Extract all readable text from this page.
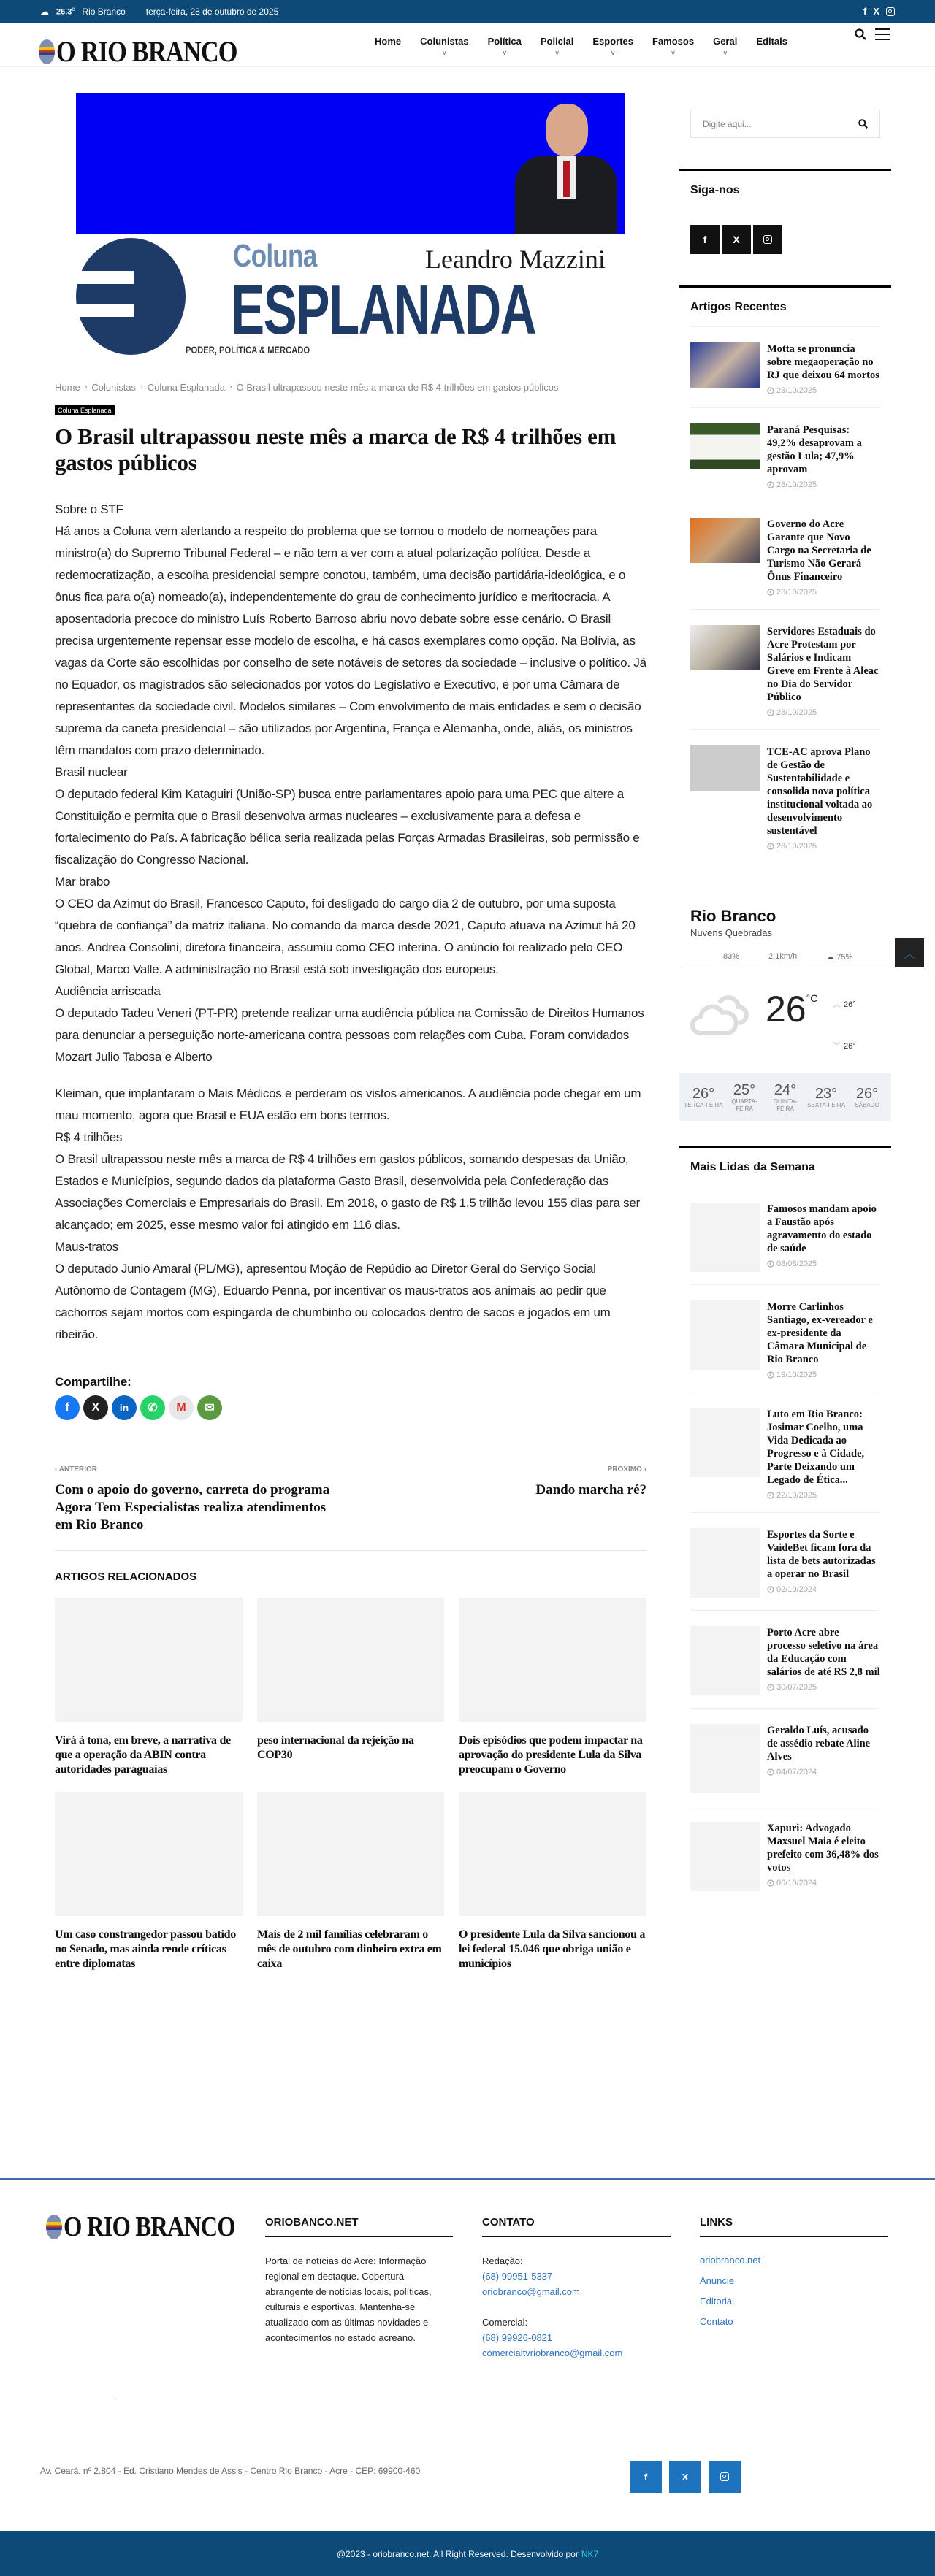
☁ 26.3$^c$ Rio Branco terça-feira, 28 de outubro de 2025	f X
O RIO BRANCO	Home	Colunistas
v
Política
v
Policial
v
Esportes
v
Famosos
v
Geral
v
Editais
Coluna	Leandro Mazzini
ESPLANADA
PODER, POLÍTICA & MERCADO
Home › Colunistas › Coluna Esplanada › O Brasil ultrapassou neste mês a marca de R$ 4 trilhões em gastos públicos
Coluna Esplanada
O Brasil ultrapassou neste mês a marca de R$ 4 trilhões em gastos públicos

Sobre o STF

Há anos a Coluna vem alertando a respeito do problema que se tornou o modelo de nomeações para ministro(a) do Supremo Tribunal Federal – e não tem a ver com a atual polarização política. Desde a redemocratização, a escolha presidencial sempre conotou, também, uma decisão partidária-ideológica, e o ônus fica para o(a) nomeado(a), independentemente do grau de conhecimento jurídico e meritocracia. A aposentadoria precoce do ministro Luís Roberto Barroso abriu novo debate sobre esse cenário. O Brasil precisa urgentemente repensar esse modelo de escolha, e há casos exemplares como opção. Na Bolívia, as vagas da Corte são escolhidas por conselho de sete notáveis de setores da sociedade – inclusive o político. Já no Equador, os magistrados são selecionados por votos do Legislativo e Executivo, e por uma Câmara de representantes da sociedade civil. Modelos similares – Com envolvimento de mais entidades e sem o decisão suprema da caneta presidencial – são utilizados por Argentina, França e Alemanha, onde, aliás, os ministros têm mandatos com prazo determinado.

Brasil nuclear

O deputado federal Kim Kataguiri (União-SP) busca entre parlamentares apoio para uma PEC que altere a Constituição e permita que o Brasil desenvolva armas nucleares – exclusivamente para a defesa e fortalecimento do País. A fabricação bélica seria realizada pelas Forças Armadas Brasileiras, sob permissão e fiscalização do Congresso Nacional.

Mar brabo

O CEO da Azimut do Brasil, Francesco Caputo, foi desligado do cargo dia 2 de outubro, por uma suposta “quebra de confiança” da matriz italiana. No comando da marca desde 2021, Caputo atuava na Azimut há 20 anos. Andrea Consolini, diretora financeira, assumiu como CEO interina. O anúncio foi realizado pelo CEO Global, Marco Valle. A administração no Brasil está sob investigação dos europeus.

Audiência arriscada

O deputado Tadeu Veneri (PT-PR) pretende realizar uma audiência pública na Comissão de Direitos Humanos para denunciar a perseguição norte-americana contra pessoas com relações com Cuba. Foram convidados Mozart Julio Tabosa e Alberto

Kleiman, que implantaram o Mais Médicos e perderam os vistos americanos. A audiência pode chegar em um mau momento, agora que Brasil e EUA estão em bons termos.

R$ 4 trilhões

O Brasil ultrapassou neste mês a marca de R$ 4 trilhões em gastos públicos, somando despesas da União, Estados e Municípios, segundo dados da plataforma Gasto Brasil, desenvolvida pela Confederação das Associações Comerciais e Empresariais do Brasil. Em 2018, o gasto de R$ 1,5 trilhão levou 155 dias para ser alcançado; em 2025, esse mesmo valor foi atingido em 116 dias.

Maus-tratos

O deputado Junio Amaral (PL/MG), apresentou Moção de Repúdio ao Diretor Geral do Serviço Social Autônomo de Contagem (MG), Eduardo Penna, por incentivar os maus-tratos aos animais ao pedir que cachorros sejam mortos com espingarda de chumbinho ou colocados dentro de sacos e jogados em um ribeirão.

Compartilhe:
f	X	in	✆	M	✉
‹ ANTERIOR
Com o apoio do governo, carreta do programa Agora Tem Especialistas realiza atendimentos em Rio Branco
PROXIMO ›
Dando marcha ré?
ARTIGOS RELACIONADOS
Virá à tona, em breve, a narrativa de que a operação da ABIN contra autoridades paraguaias
peso internacional da rejeição na COP30
Dois episódios que podem impactar na aprovação do presidente Lula da Silva preocupam o Governo
Um caso constrangedor passou batido no Senado, mas ainda rende críticas entre diplomatas
Mais de 2 mil famílias celebraram o mês de outubro com dinheiro extra em caixa
O presidente Lula da Silva sancionou a lei federal 15.046 que obriga união e municípios
Digite aqui...
Siga-nos
f	X
Artigos Recentes
Motta se pronuncia sobre megaoperação no RJ que deixou 64 mortos
28/10/2025
Paraná Pesquisas: 49,2% desaprovam a gestão Lula; 47,9% aprovam
28/10/2025
Governo do Acre Garante que Novo Cargo na Secretaria de Turismo Não Gerará Ônus Financeiro
28/10/2025
Servidores Estaduais do Acre Protestam por Salários e Indicam Greve em Frente à Aleac no Dia do Servidor Público
28/10/2025
TCE-AC aprova Plano de Gestão de Sustentabilidade e consolida nova política institucional voltada ao desenvolvimento sustentável
28/10/2025
Rio Branco
Nuvens Quebradas
83%	2.1km/h	☁ 75%
$26^{^\circ C}$
︽ 26°
︾ 26°
26°
TERÇA-FEIRA
25°
QUARTA-FEIRA
24°
QUINTA-FEIRA
23°
SEXTA-FEIRA
26°
SÁBADO
Mais Lidas da Semana
Famosos mandam apoio a Faustão após agravamento do estado de saúde
08/08/2025
Morre Carlinhos Santiago, ex-vereador e ex-presidente da Câmara Municipal de Rio Branco
19/10/2025
Luto em Rio Branco: Josimar Coelho, uma Vida Dedicada ao Progresso e à Cidade, Parte Deixando um Legado de Ética...
22/10/2025
Esportes da Sorte e VaideBet ficam fora da lista de bets autorizadas a operar no Brasil
02/10/2024
Porto Acre abre processo seletivo na área da Educação com salários de até R$ 2,8 mil
30/07/2025
Geraldo Luís, acusado de assédio rebate Aline Alves
04/07/2024
Xapuri: Advogado Maxsuel Maia é eleito prefeito com 36,48% dos votos
06/10/2024
︿
O RIO BRANCO	ORIOBANCO.NET
Portal de notícias do Acre: Informação regional em destaque. Cobertura abrangente de notícias locais, políticas, culturais e esportivas. Mantenha-se atualizado com as últimas novidades e acontecimentos no estado acreano.
CONTATO
Redação:
(68) 99951-5337
oriobranco@gmail.com
Comercial:
(68) 99926-0821
comercialtvriobranco@gmail.com
LINKS
oriobranco.net
Anuncie
Editorial
Contato
Av. Ceará, nº 2.804 - Ed. Cristiano Mendes de Assis - Centro Rio Branco - Acre - CEP: 69900-460
f	X
@2023 - oriobranco.net. All Right Reserved. Desenvolvido por NK7
